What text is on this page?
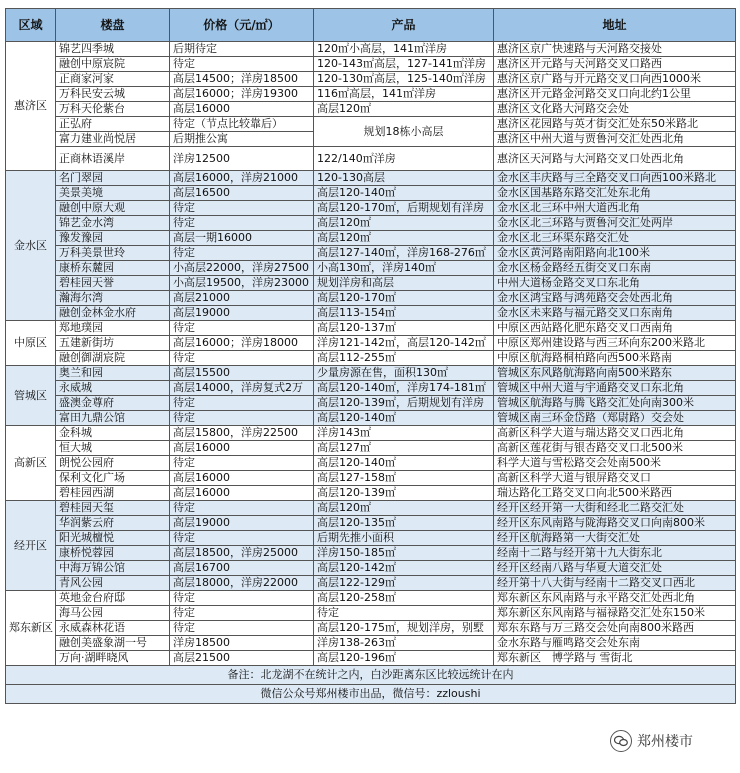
区域	楼盘	价格（元/㎡）	产品	地址
惠济区	锦艺四季城	后期待定	120㎡小高层，141㎡洋房	惠济区京广快速路与天河路交接处
	融创中原宸院	待定	120-143㎡高层，127-141㎡洋房	惠济区开元路与天河路交叉口路西
	正商家河家	高层14500；洋房18500	120-130㎡高层，125-140㎡洋房	惠济区京广路与开元路交叉口向西1000米
	万科民安云城	高层16000；洋房19300	116㎡高层，141㎡洋房	惠济区开元路金河路交叉口向北约1公里
	万科天伦紫台	高层16000	高层120㎡	惠济区文化路大河路交会处
	正弘府	待定（节点比较靠后）	规划18栋小高层	惠济区花园路与英才街交汇处东50米路北
	富力建业尚悦居	后期推公寓		惠济区中州大道与贾鲁河交汇处西北角
	正商林语溪岸	洋房12500	122/140㎡洋房	惠济区天河路与大河路交叉口处西北角
金水区	名门翠园	高层16000，洋房21000	120-130高层	金水区丰庆路与三全路交叉口向西100米路北
	美景美境	高层16500	高层120-140㎡	金水区国基路东路交汇处东北角
	融创中原大观	待定	高层120-170㎡，后期规划有洋房	金水区北三环中州大道西北角
	锦艺金水湾	待定	高层120㎡	金水区北三环路与贾鲁河交汇处两岸
	豫发豫园	高层一期16000	高层120㎡	金水区北三环渠东路交汇处
	万科美景世玲	待定	高层127-140㎡，洋房168-276㎡	金水区黄河路南阳路向北100米
	康桥东麓园	小高层22000，洋房27500	小高130㎡，洋房140㎡	金水区杨金路经五街交叉口东南
	碧桂园天誉	小高层19500，洋房23000	规划洋房和高层	中州大道杨金路交叉口东北角
	瀚海尔湾	高层21000	高层120-170㎡	金水区鸿宝路与鸿苑路交会处西北角
	融创金林金水府	高层19000	高层113-154㎡	金水区未来路与福元路交叉口东南角
中原区	郑地璞园	待定	高层120-137㎡	中原区西站路化肥东路交叉口西南角
	五建新街坊	高层16000；洋房18000	洋房121-142㎡，高层120-142㎡	中原区郑州建设路与西三环向东200米路北
	融创御湖宸院	待定	高层112-255㎡	中原区航海路桐柏路向西500米路南
管城区	奥兰和园	高层15500	少量房源在售，面积130㎡	管城区东风路航海路向南500米路东
	永威城	高层14000，洋房复式2万	高层120-140㎡，洋房174-181㎡	管城区中州大道与宇通路交叉口东北角
	盛澳金尊府	待定	高层120-139㎡，后期规划有洋房	管城区航海路与腾飞路交汇处向南300米
	富田九鼎公馆	待定	高层120-140㎡	管城区南三环金岱路（郑尉路）交会处
高新区	金科城	高层15800，洋房22500	洋房143㎡	高新区科学大道与瑞达路交叉口西北角
	恒大城	高层16000	高层127㎡	高新区莲花街与银杏路交叉口北500米
	朗悦公园府	待定	高层120-140㎡	科学大道与雪松路交会处南500米
	保利文化广场	高层16000	高层127-158㎡	高新区科学大道与银屏路交叉口
	碧桂园西湖	高层16000	高层120-139㎡	瑞达路化工路交叉口向北500米路西
经开区	碧桂园天玺	待定	高层120㎡	经开区经开第一大街和经北二路交汇处
	华润紫云府	高层19000	高层120-135㎡	经开区东风南路与陇海路交叉口向南800米
	阳光城檀悦	待定	后期先推小面积	经开区航海路第一大街交汇处
	康桥悦蓉园	高层18500，洋房25000	洋房150-185㎡	经南十二路与经开第十九大街东北
	中海万锦公馆	高层16700	高层120-142㎡	经开区经南八路与华夏大道交汇处
	青风公园	高层18000，洋房22000	高层122-129㎡	经开第十八大街与经南十二路交叉口西北
郑东新区	英地金台府邸	待定	高层120-258㎡	郑东新区东风南路与永平路交汇处西北角
	海马公园	待定	待定	郑东新区东风南路与福禄路交汇处东150米
	永威森林花语	待定	高层120-175㎡，规划洋房，别墅	郑东东路与万三路交会处向南800米路西
	融创美盛象湖一号	洋房18500	洋房138-263㎡	金水东路与雁鸣路交会处东南
	万向·湖畔晓风	高层21500	高层120-196㎡	郑东新区　博学路与 雪街北
备注：北龙湖不在统计之内，白沙距离东区比较远统计在内				
微信公众号郑州楼市出品，微信号：zzloushi				
郑州楼市
